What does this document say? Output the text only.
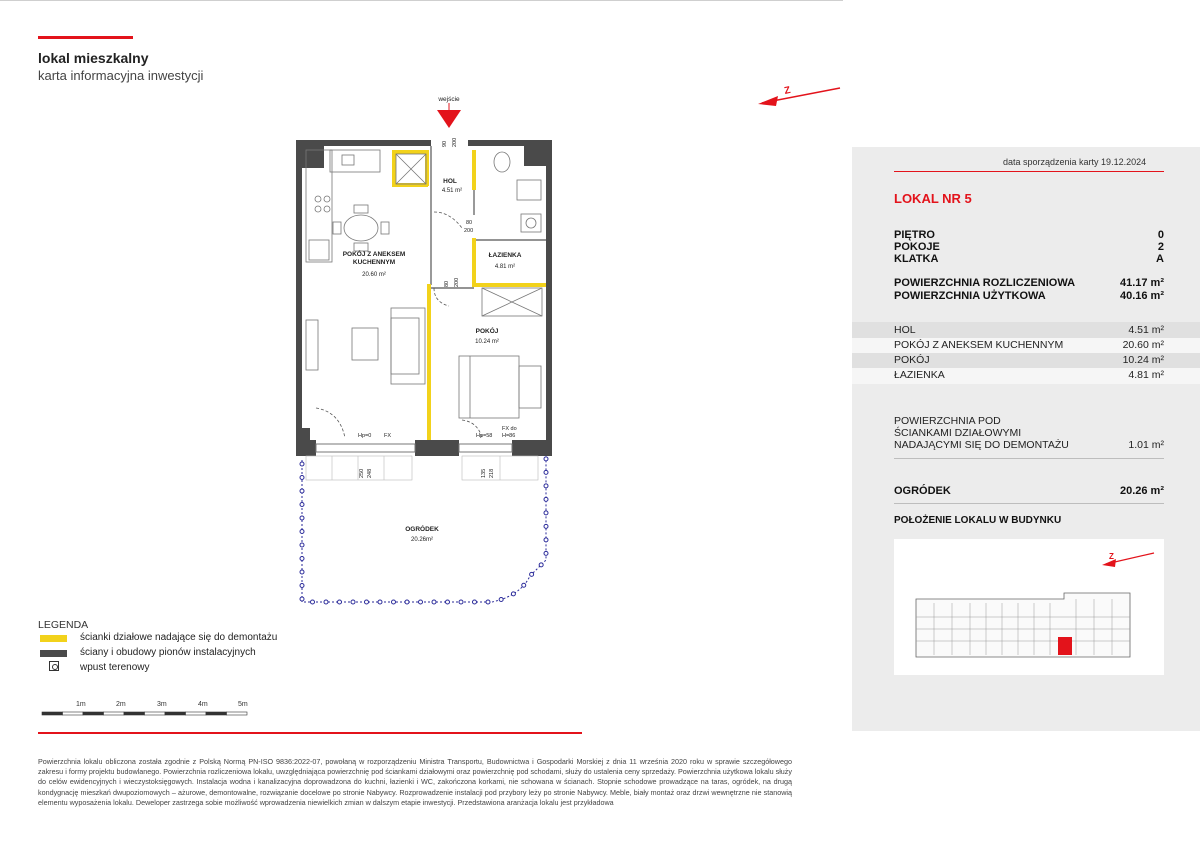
lokal mieszkalny
karta informacyjna inwestycji
wejście
Z
90 200
80
200
80 200
Hp=0 FX	Hp=58
FX do
H=86
250 248	135 218
HOL
4.51 m²
POKÓJ Z ANEKSEM
KUCHENNYM
20.60 m²
ŁAZIENKA
4.81 m²
POKÓJ
10.24 m²
OGRÓDEK
20.26m²
data sporządzenia karty 19.12.2024
LOKAL NR 5
PIĘTRO	0
POKOJE	2
KLATKA	A
POWIERZCHNIA ROZLICZENIOWA	41.17 m²
POWIERZCHNIA UŻYTKOWA	40.16 m²
HOL	4.51 m²
POKÓJ Z ANEKSEM KUCHENNYM	20.60 m²
POKÓJ	10.24 m²
ŁAZIENKA	4.81 m²
POWIERZCHNIA POD
ŚCIANKAMI DZIAŁOWYMI
NADAJĄCYMI SIĘ DO DEMONTAŻU	1.01 m²
OGRÓDEK	20.26 m²
POŁOŻENIE LOKALU W BUDYNKU
Z
LEGENDA
ścianki działowe nadające się do demontażu
ściany i obudowy pionów instalacyjnych
wpust terenowy
1m	2m	3m	4m	5m
Powierzchnia lokalu obliczona została zgodnie z Polską Normą PN-ISO 9836:2022-07, powołaną w rozporządzeniu Ministra Transportu, Budownictwa i Gospodarki Morskiej z dnia 11 września 2020 roku w sprawie szczegółowego zakresu i formy projektu budowlanego. Powierzchnia rozliczeniowa lokalu, uwzględniająca powierzchnię pod ściankami działowymi oraz powierzchnię pod schodami, służy do ustalenia ceny sprzedaży. Powierzchnia użytkowa lokalu służy do celów ewidencyjnych i wieczystoksięgowych. Instalacja wodna i kanalizacyjna doprowadzona do kuchni, łazienki i WC, zakończona korkami, nie schowana w ścianach. Stopnie schodowe prowadzące na taras, ogródek, na drugą kondygnację mieszkań dwupoziomowych – ażurowe, demontowalne, rozwiązanie docelowe po stronie Nabywcy. Rozprowadzenie instalacji pod przybory leży po stronie Nabywcy. Meble, biały montaż oraz drzwi wewnętrzne nie stanowią elementu wyposażenia lokalu. Deweloper zastrzega sobie możliwość wprowadzenia niewielkich zmian w dalszym etapie inwestycji. Przedstawiona aranżacja lokalu jest przykładowa
